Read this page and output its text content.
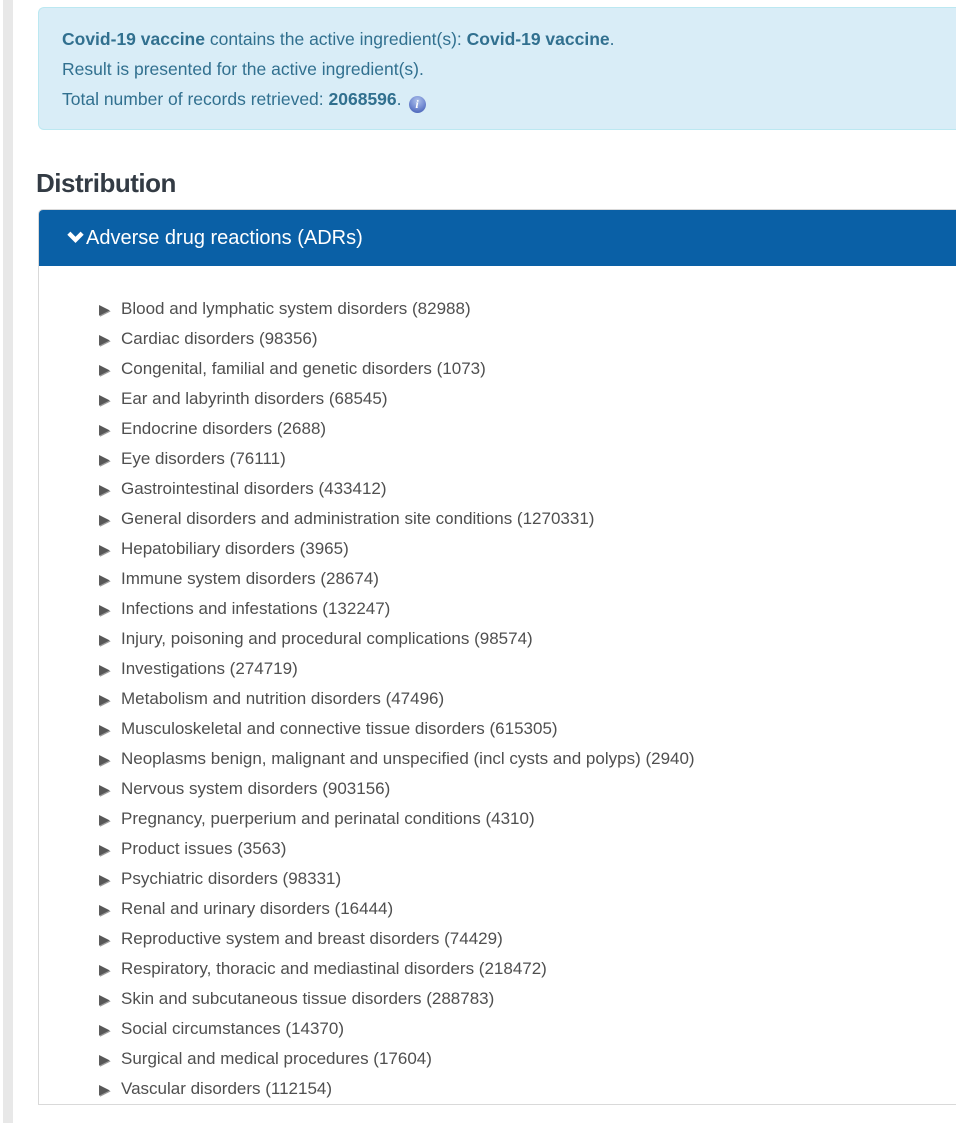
Covid-19 vaccine contains the active ingredient(s): Covid-19 vaccine.

Result is presented for the active ingredient(s).

Total number of records retrieved: 2068596. i

Distribution
Adverse drug reactions (ADRs)
▶ Blood and lymphatic system disorders (82988)
▶ Cardiac disorders (98356)
▶ Congenital, familial and genetic disorders (1073)
▶ Ear and labyrinth disorders (68545)
▶ Endocrine disorders (2688)
▶ Eye disorders (76111)
▶ Gastrointestinal disorders (433412)
▶ General disorders and administration site conditions (1270331)
▶ Hepatobiliary disorders (3965)
▶ Immune system disorders (28674)
▶ Infections and infestations (132247)
▶ Injury, poisoning and procedural complications (98574)
▶ Investigations (274719)
▶ Metabolism and nutrition disorders (47496)
▶ Musculoskeletal and connective tissue disorders (615305)
▶ Neoplasms benign, malignant and unspecified (incl cysts and polyps) (2940)
▶ Nervous system disorders (903156)
▶ Pregnancy, puerperium and perinatal conditions (4310)
▶ Product issues (3563)
▶ Psychiatric disorders (98331)
▶ Renal and urinary disorders (16444)
▶ Reproductive system and breast disorders (74429)
▶ Respiratory, thoracic and mediastinal disorders (218472)
▶ Skin and subcutaneous tissue disorders (288783)
▶ Social circumstances (14370)
▶ Surgical and medical procedures (17604)
▶ Vascular disorders (112154)
